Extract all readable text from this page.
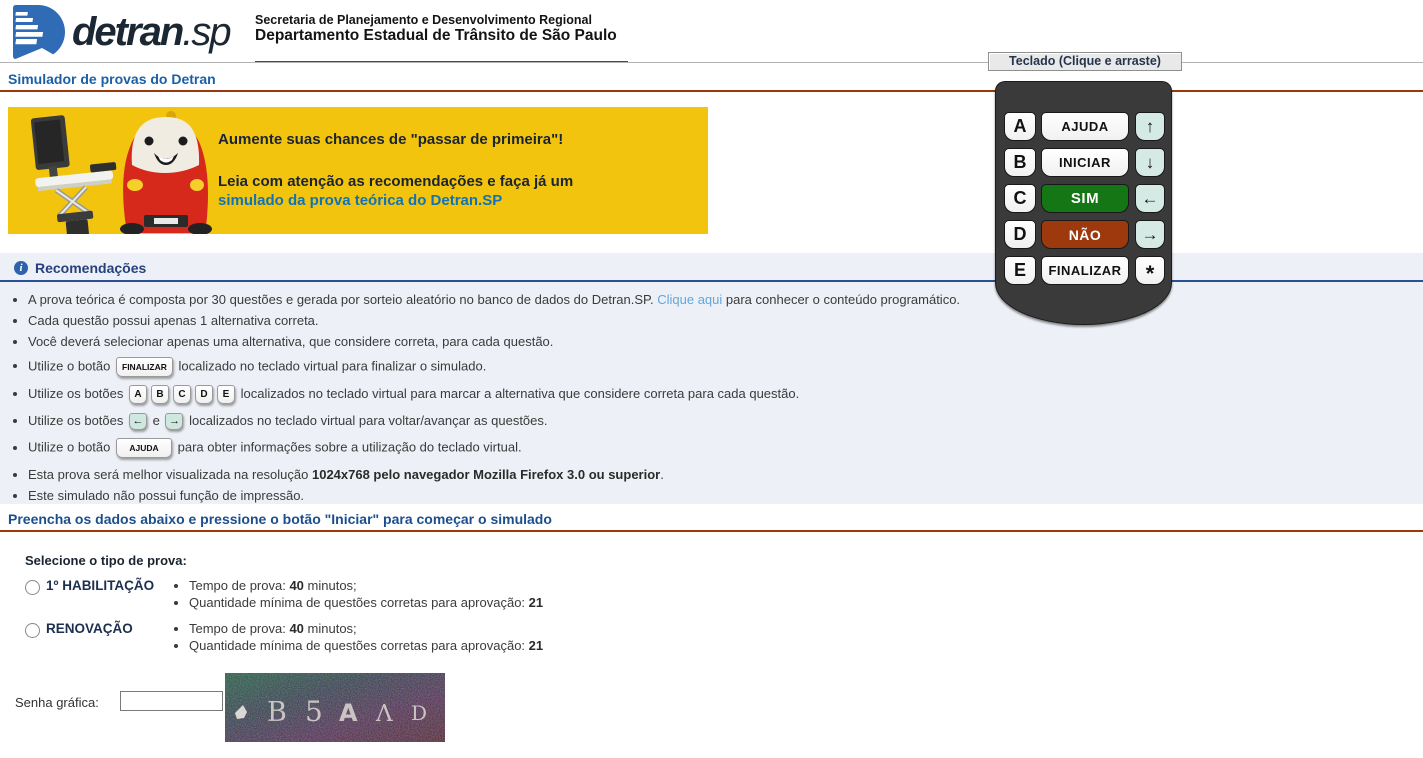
detran.sp Secretaria de Planejamento e Desenvolvimento Regional
Departamento Estadual de Trânsito de São Paulo
Simulador de provas do Detran
Aumente suas chances de "passar de primeira"!
Leia com atenção as recomendações e faça já um
simulado da prova teórica do Detran.SP
i Recomendações
• A prova teórica é composta por 30 questões e gerada por sorteio aleatório no banco de dados do Detran.SP. Clique aqui para conhecer o conteúdo programático.
• Cada questão possui apenas 1 alternativa correta.
• Você deverá selecionar apenas uma alternativa, que considere correta, para cada questão.
• Utilize o botão FINALIZAR localizado no teclado virtual para finalizar o simulado.
• Utilize os botões A B C D E localizados no teclado virtual para marcar a alternativa que considere correta para cada questão.
• Utilize os botões ← e → localizados no teclado virtual para voltar/avançar as questões.
• Utilize o botão AJUDA para obter informações sobre a utilização do teclado virtual.
• Esta prova será melhor visualizada na resolução 1024x768 pelo navegador Mozilla Firefox 3.0 ou superior.
• Este simulado não possui função de impressão.
Preencha os dados abaixo e pressione o botão "Iniciar" para começar o simulado
Selecione o tipo de prova:
1º HABILITAÇÃO	• Tempo de prova: 40 minutos;
• Quantidade mínima de questões corretas para aprovação: 21
RENOVAÇÃO	• Tempo de prova: 40 minutos;
• Quantidade mínima de questões corretas para aprovação: 21
Senha gráfica:	B 5 A Λ D
Teclado (Clique e arraste)
A	AJUDA	↑
B	INICIAR	↓
C	SIM	←
D	NÃO	→
E	FINALIZAR	*
